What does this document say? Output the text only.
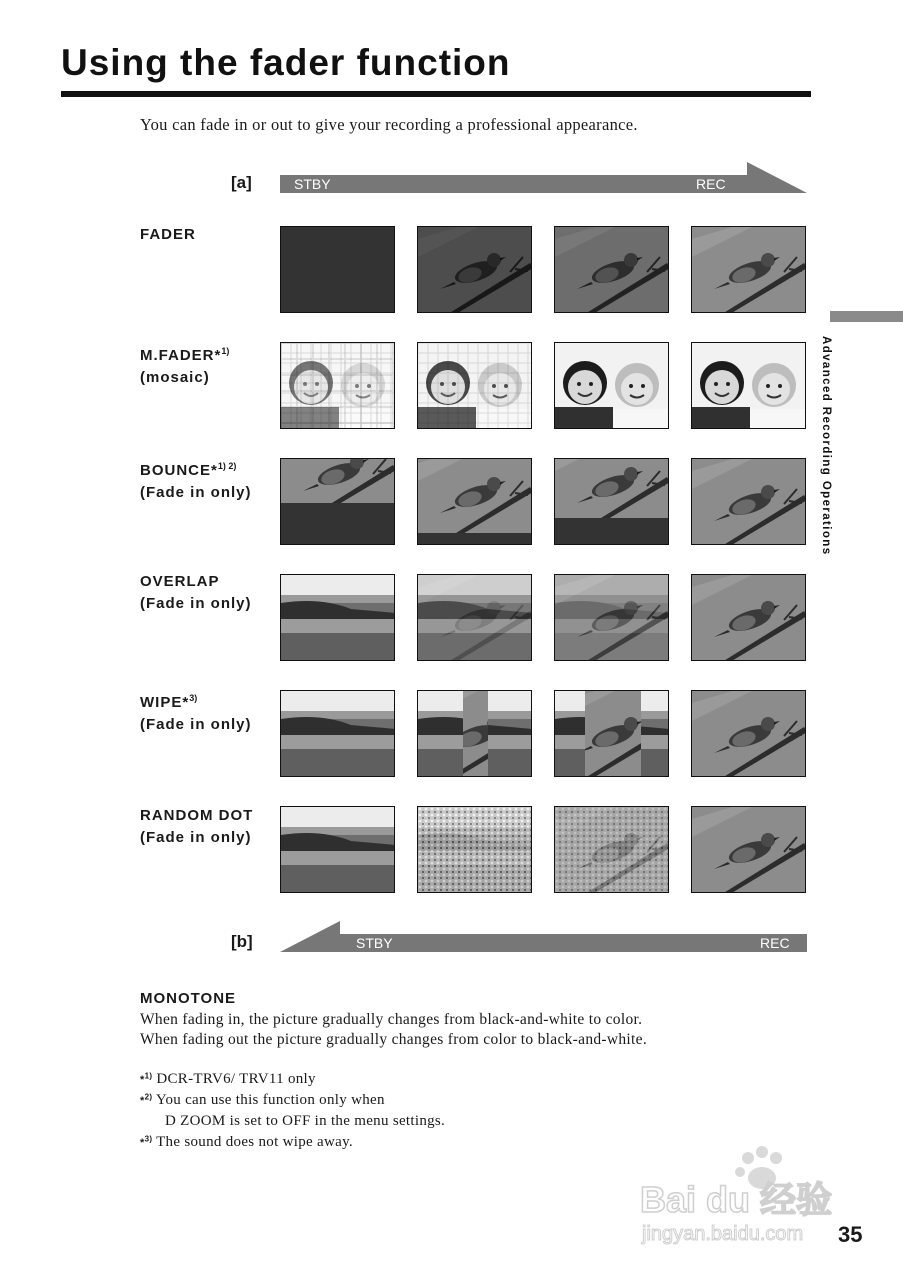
Using the fader function
You can fade in or out to give your recording a professional appearance.
[a]	STBY	REC
FADER
M.FADER*$^{1)}$
(mosaic)
BOUNCE*$^{1) 2)}$
(Fade in only)
OVERLAP
(Fade in only)
WIPE*$^{3)}$
(Fade in only)
RANDOM DOT
(Fade in only)
[b]	STBY	REC
Advanced Recording Operations
MONOTONE
When fading in, the picture gradually changes from black-and-white to color.
When fading out the picture gradually changes from color to black-and-white.
*$^{1)}$ DCR-TRV6/ TRV11 only
*$^{2)}$ You can use this function only when
D ZOOM is set to OFF in the menu settings.
*$^{3)}$ The sound does not wipe away.
Bai du 经验
jingyan.baidu.com 35
